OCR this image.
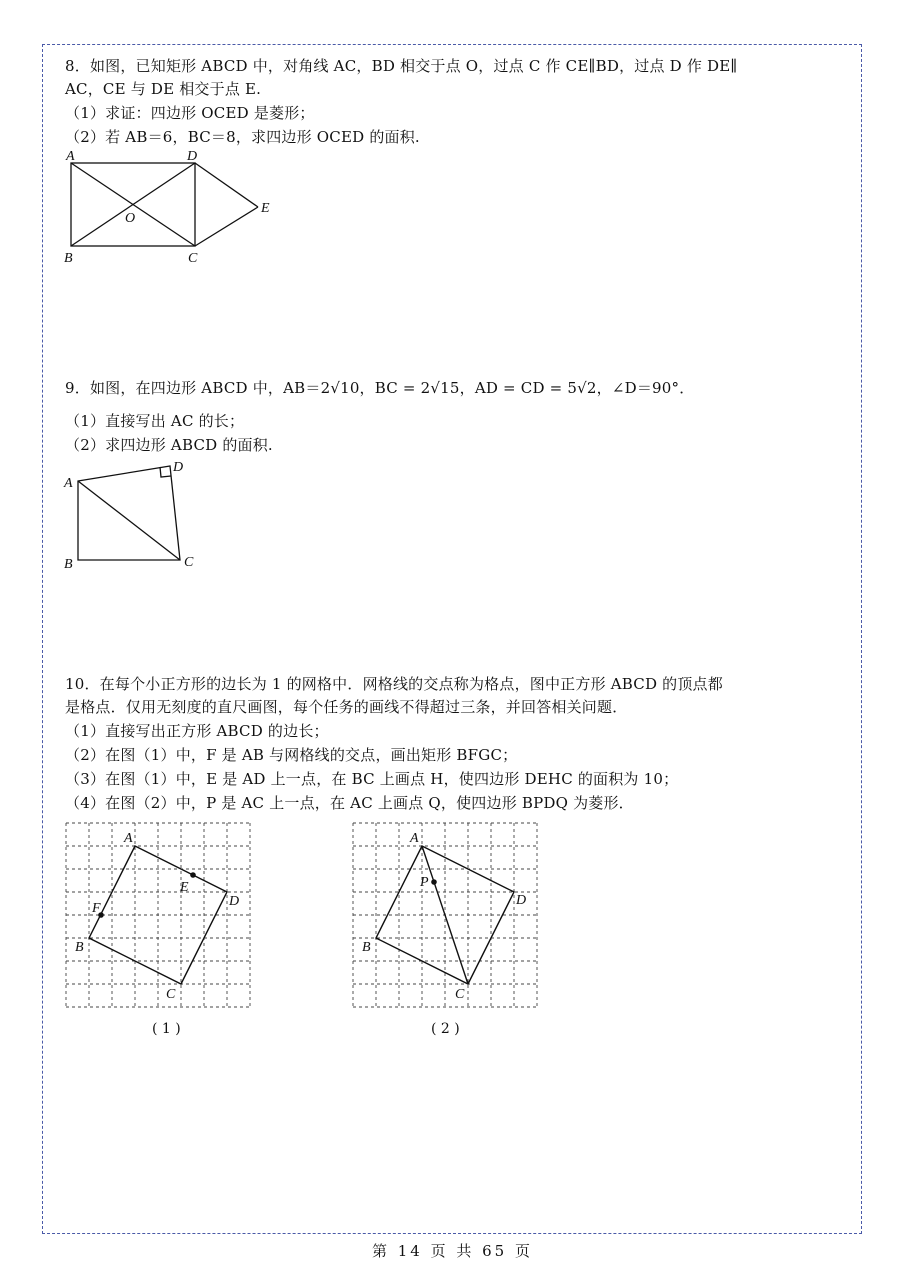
8．如图，已知矩形 ABCD 中，对角线 AC，BD 相交于点 O，过点 C 作 CE∥BD，过点 D 作 DE∥
AC，CE 与 DE 相交于点 E.
（1）求证：四边形 OCED 是菱形；
（2）若 AB＝6，BC＝8，求四边形 OCED 的面积.
A	D
O
E
B	C
9．如图，在四边形 ABCD 中，AB＝2√10，BC = 2√15，AD = CD = 5√2，∠D＝90°．
（1）直接写出 AC 的长；
（2）求四边形 ABCD 的面积.
A
D
B	C
10．在每个小正方形的边长为 1 的网格中．网格线的交点称为格点，图中正方形 ABCD 的顶点都
是格点．仅用无刻度的直尺画图，每个任务的画线不得超过三条，并回答相关问题．
（1）直接写出正方形 ABCD 的边长；
（2）在图（1）中，F 是 AB 与网格线的交点，画出矩形 BFGC；
（3）在图（1）中，E 是 AD 上一点，在 BC 上画点 H，使四边形 DEHC 的面积为 10；
（4）在图（2）中，P 是 AC 上一点，在 AC 上画点 Q，使四边形 BPDQ 为菱形．
A
E
D
F
B
C
A
P
D
B
C
( 1 )	( 2 )
第 14 页 共 65 页
